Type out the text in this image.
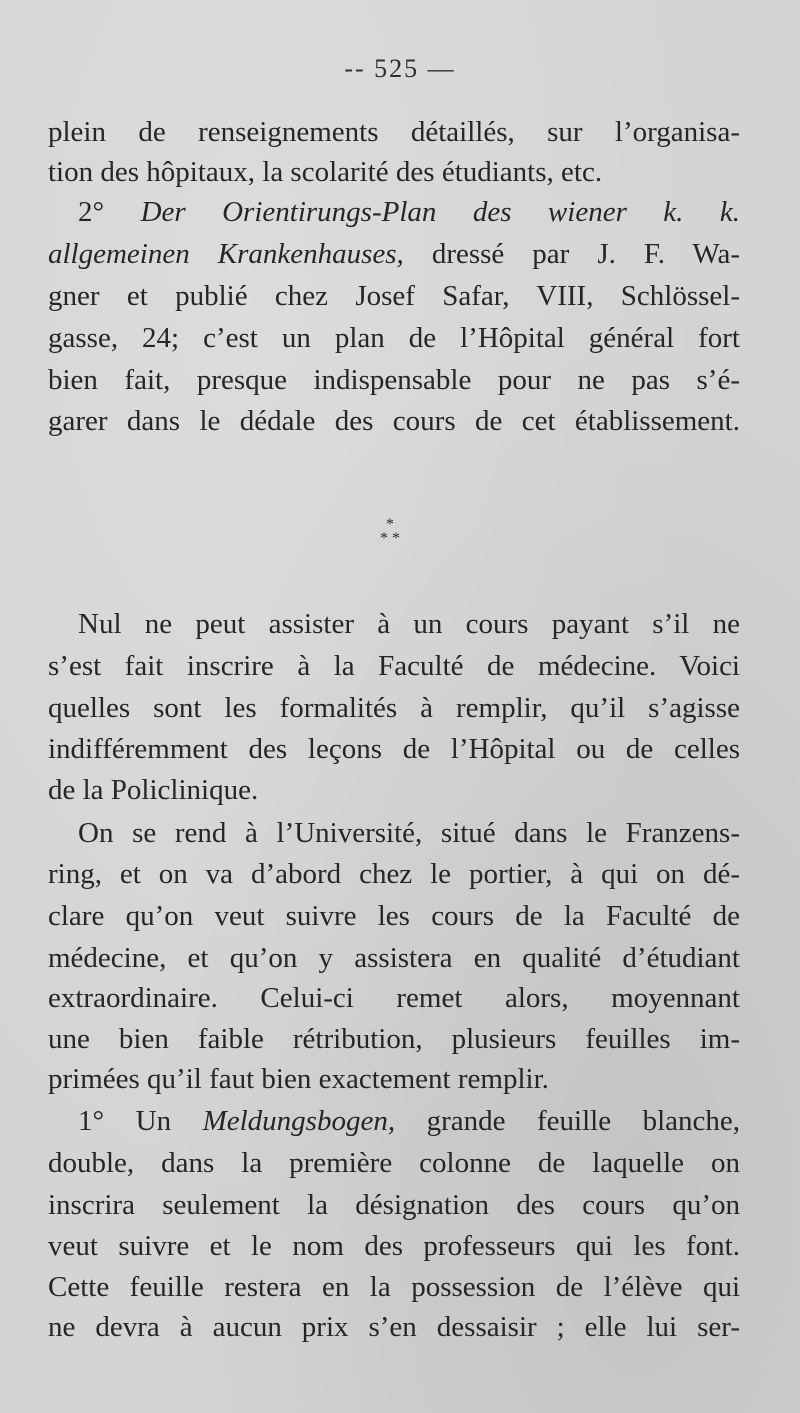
-- 525 —
plein de renseignements détaillés, sur l’organisa-
tion des hôpitaux, la scolarité des étudiants, etc.
2° Der Orientirungs-Plan des wiener k. k.
allgemeinen Krankenhauses, dressé par J. F. Wa-
gner et publié chez Josef Safar, VIII, Schlössel-
gasse, 24; c’est un plan de l’Hôpital général fort
bien fait, presque indispensable pour ne pas s’é-
garer dans le dédale des cours de cet établissement.
*
* *
Nul ne peut assister à un cours payant s’il ne
s’est fait inscrire à la Faculté de médecine. Voici
quelles sont les formalités à remplir, qu’il s’agisse
indifféremment des leçons de l’Hôpital ou de celles
de la Policlinique.
On se rend à l’Université, situé dans le Franzens-
ring, et on va d’abord chez le portier, à qui on dé-
clare qu’on veut suivre les cours de la Faculté de
médecine, et qu’on y assistera en qualité d’étudiant
extraordinaire. Celui-ci remet alors, moyennant
une bien faible rétribution, plusieurs feuilles im-
primées qu’il faut bien exactement remplir.
1° Un Meldungsbogen, grande feuille blanche,
double, dans la première colonne de laquelle on
inscrira seulement la désignation des cours qu’on
veut suivre et le nom des professeurs qui les font.
Cette feuille restera en la possession de l’élève qui
ne devra à aucun prix s’en dessaisir ; elle lui ser-
